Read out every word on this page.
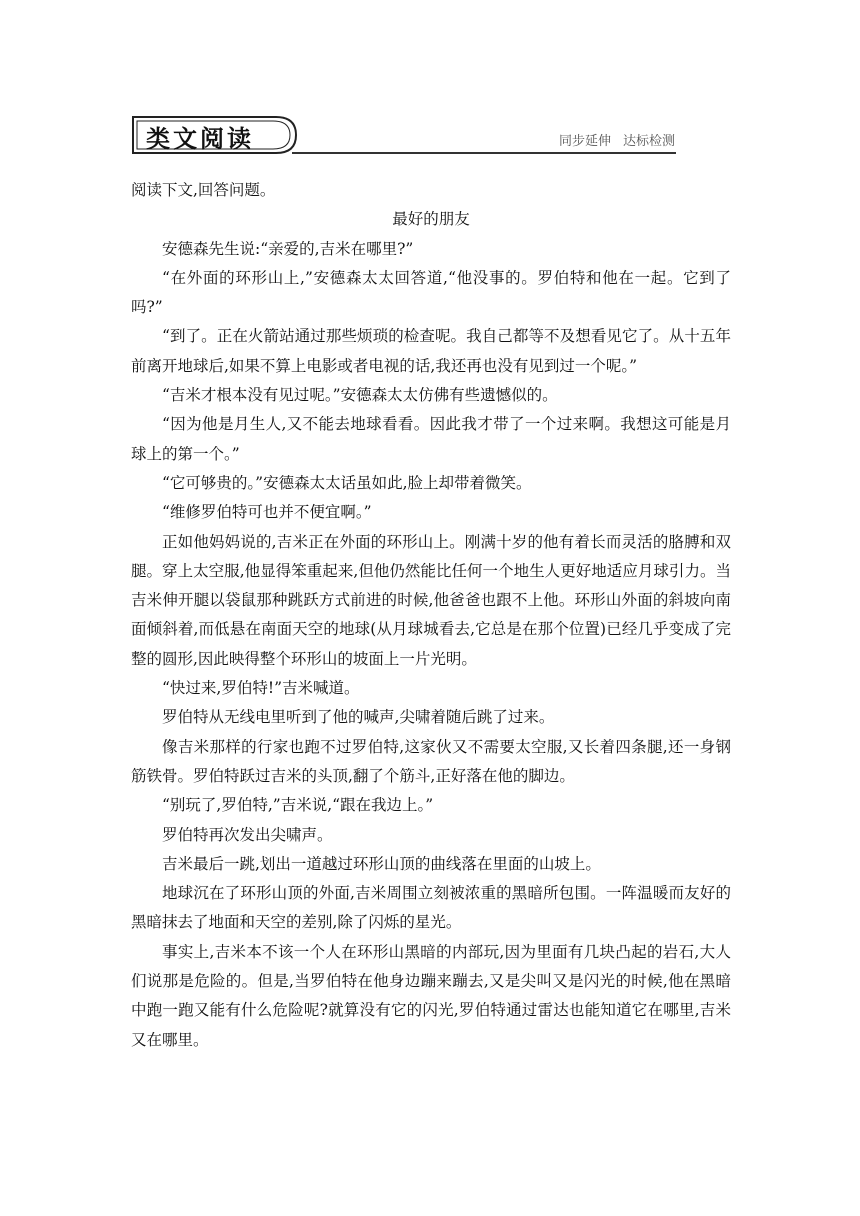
类文阅读	同步延伸 达标检测

阅读下文,回答问题。

最好的朋友

安德森先生说:“亲爱的,吉米在哪里?”

“在外面的环形山上,”安德森太太回答道,“他没事的。罗伯特和他在一起。它到了吗?”

“到了。正在火箭站通过那些烦琐的检查呢。我自己都等不及想看见它了。从十五年前离开地球后,如果不算上电影或者电视的话,我还再也没有见到过一个呢。”

“吉米才根本没有见过呢。”安德森太太仿佛有些遗憾似的。

“因为他是月生人,又不能去地球看看。因此我才带了一个过来啊。我想这可能是月球上的第一个。”

“它可够贵的。”安德森太太话虽如此,脸上却带着微笑。

“维修罗伯特可也并不便宜啊。”

正如他妈妈说的,吉米正在外面的环形山上。刚满十岁的他有着长而灵活的胳膊和双腿。穿上太空服,他显得笨重起来,但他仍然能比任何一个地生人更好地适应月球引力。当吉米伸开腿以袋鼠那种跳跃方式前进的时候,他爸爸也跟不上他。环形山外面的斜坡向南面倾斜着,而低悬在南面天空的地球(从月球城看去,它总是在那个位置)已经几乎变成了完整的圆形,因此映得整个环形山的坡面上一片光明。

“快过来,罗伯特!”吉米喊道。

罗伯特从无线电里听到了他的喊声,尖啸着随后跳了过来。

像吉米那样的行家也跑不过罗伯特,这家伙又不需要太空服,又长着四条腿,还一身钢筋铁骨。罗伯特跃过吉米的头顶,翻了个筋斗,正好落在他的脚边。

“别玩了,罗伯特,”吉米说,“跟在我边上。”

罗伯特再次发出尖啸声。

吉米最后一跳,划出一道越过环形山顶的曲线落在里面的山坡上。

地球沉在了环形山顶的外面,吉米周围立刻被浓重的黑暗所包围。一阵温暖而友好的黑暗抹去了地面和天空的差别,除了闪烁的星光。

事实上,吉米本不该一个人在环形山黑暗的内部玩,因为里面有几块凸起的岩石,大人们说那是危险的。但是,当罗伯特在他身边蹦来蹦去,又是尖叫又是闪光的时候,他在黑暗中跑一跑又能有什么危险呢?就算没有它的闪光,罗伯特通过雷达也能知道它在哪里,吉米又在哪里。
